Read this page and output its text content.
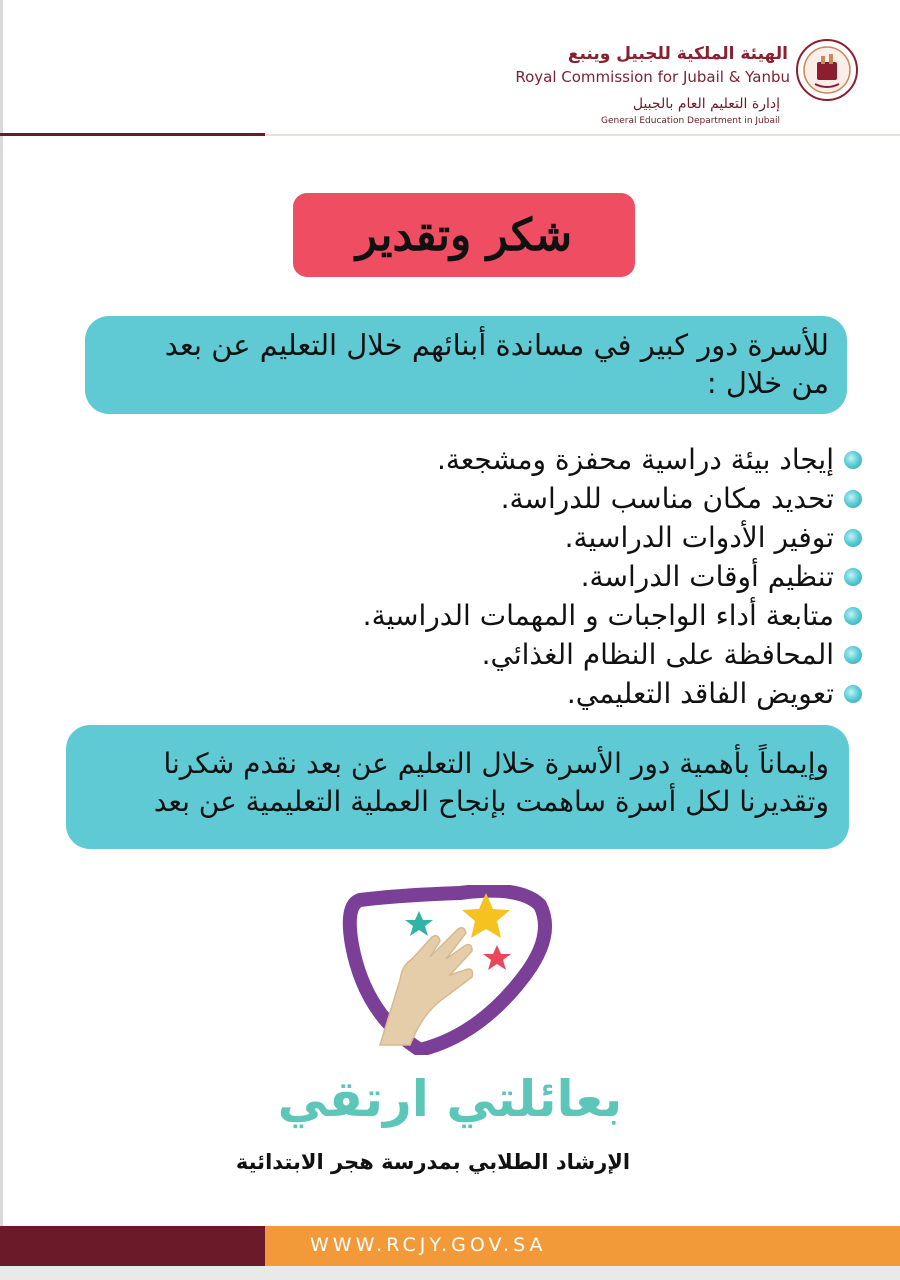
الهيئة الملكية للجبيل وينبع
Royal Commission for Jubail & Yanbu
إدارة التعليم العام بالجبيل
General Education Department in Jubail
شكر وتقدير
للأسرة دور كبير في مساندة أبنائهم خلال التعليم عن بعد
من خلال :
إيجاد بيئة دراسية محفزة ومشجعة.
تحديد مكان مناسب للدراسة.
توفير الأدوات الدراسية.
تنظيم أوقات الدراسة.
متابعة أداء الواجبات و المهمات الدراسية.
المحافظة على النظام الغذائي.
تعويض الفاقد التعليمي.
وإيماناً بأهمية دور الأسرة خلال التعليم عن بعد نقدم شكرنا
وتقديرنا لكل أسرة ساهمت بإنجاح العملية التعليمية عن بعد
بعائلتي ارتقي
الإرشاد الطلابي بمدرسة هجر الابتدائية
WWW.RCJY.GOV.SA
